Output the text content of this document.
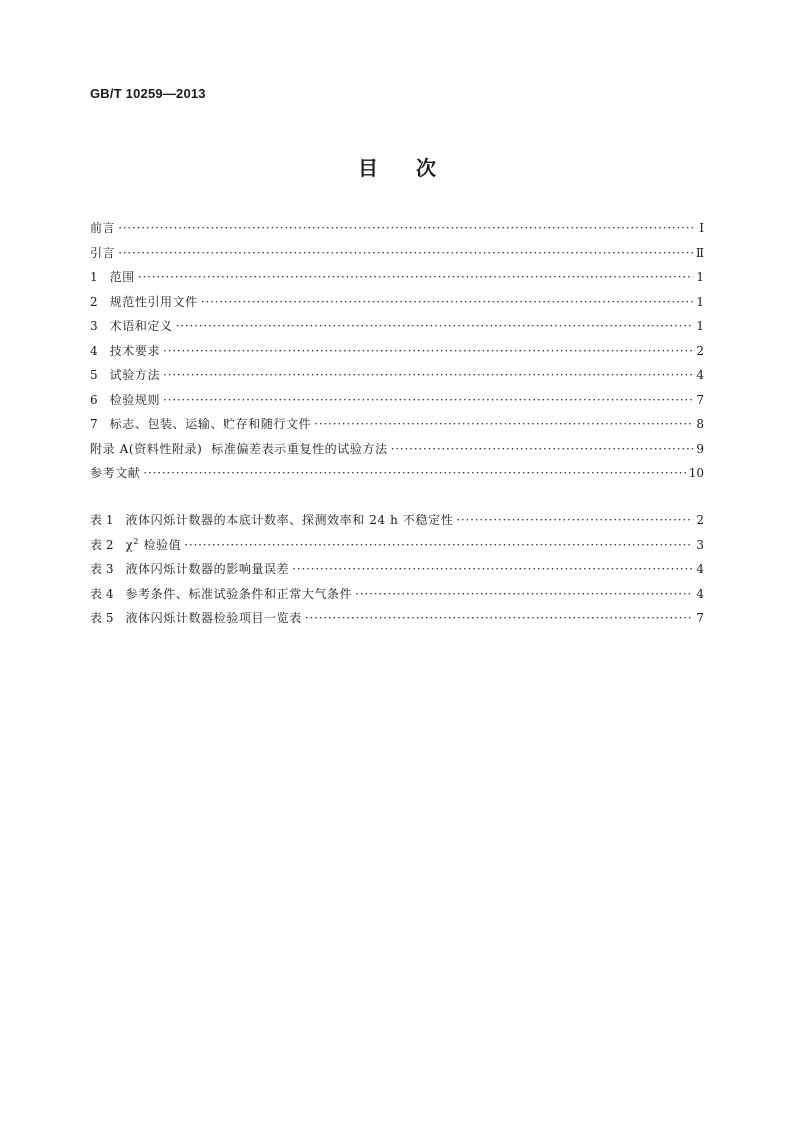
GB/T 10259—2013
目次
前言 ·····	Ⅰ
引言 ·····	Ⅱ
1	范围 ·····	1
2	规范性引用文件 ·····	1
3	术语和定义 ·····	1
4	技术要求 ·····	2
5	试验方法 ·····	4
6	检验规则 ·····	7
7	标志、包装、运输、贮存和随行文件 ·····	8
附录 A(资料性附录)  标准偏差表示重复性的试验方法 ·····	9
参考文献 ·····	10
表 1	液体闪烁计数器的本底计数率、探测效率和 24 h 不稳定性 ·····	2
表 2	$\chi^2$ 检验值 ·····	3
表 3	液体闪烁计数器的影响量误差 ·····	4
表 4	参考条件、标准试验条件和正常大气条件 ·····	4
表 5	液体闪烁计数器检验项目一览表 ·····	7
